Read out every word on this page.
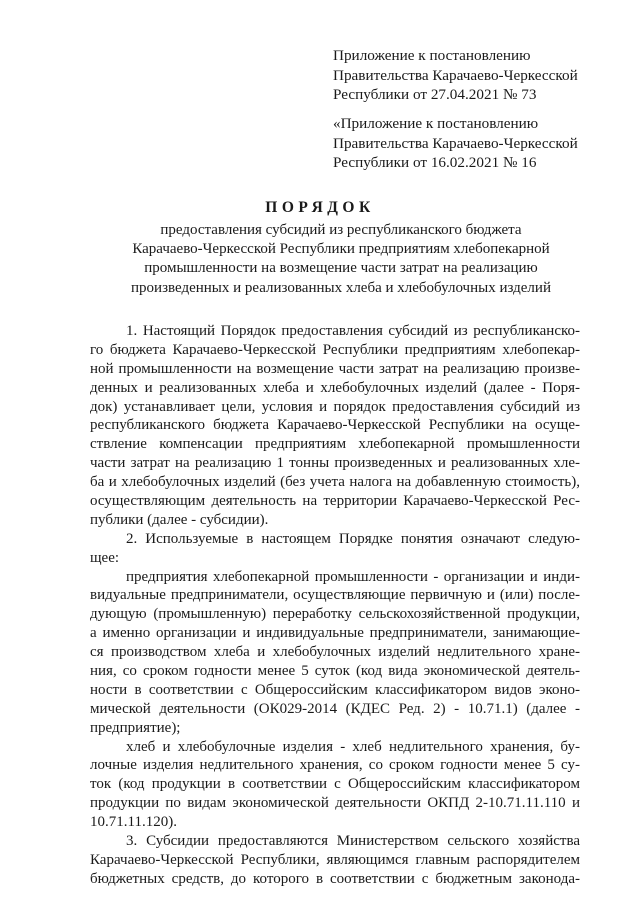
Приложение к постановлению
Правительства Карачаево-Черкесской
Республики от 27.04.2021 № 73
«Приложение к постановлению
Правительства Карачаево-Черкесской
Республики от 16.02.2021 № 16
ПОРЯДОК
предоставления субсидий из республиканского бюджета
Карачаево-Черкесской Республики предприятиям хлебопекарной
промышленности на возмещение части затрат на реализацию
произведенных и реализованных хлеба и хлебобулочных изделий
1. Настоящий Порядок предоставления субсидий из республиканско-
го бюджета Карачаево-Черкесской Республики предприятиям хлебопекар-
ной промышленности на возмещение части затрат на реализацию произве-
денных и реализованных хлеба и хлебобулочных изделий (далее - Поря-
док) устанавливает цели, условия и порядок предоставления субсидий из
республиканского бюджета Карачаево-Черкесской Республики на осуще-
ствление компенсации предприятиям хлебопекарной промышленности
части затрат на реализацию 1 тонны произведенных и реализованных хле-
ба и хлебобулочных изделий (без учета налога на добавленную стоимость),
осуществляющим деятельность на территории Карачаево-Черкесской Рес-
публики (далее - субсидии).
2. Используемые в настоящем Порядке понятия означают следую-
щее:
предприятия хлебопекарной промышленности - организации и инди-
видуальные предприниматели, осуществляющие первичную и (или) после-
дующую (промышленную) переработку сельскохозяйственной продукции,
а именно организации и индивидуальные предприниматели, занимающие-
ся производством хлеба и хлебобулочных изделий недлительного хране-
ния, со сроком годности менее 5 суток (код вида экономической деятель-
ности в соответствии с Общероссийским классификатором видов эконо-
мической деятельности (ОК029-2014 (КДЕС Ред. 2) - 10.71.1) (далее -
предприятие);
хлеб и хлебобулочные изделия - хлеб недлительного хранения, бу-
лочные изделия недлительного хранения, со сроком годности менее 5 су-
ток (код продукции в соответствии с Общероссийским классификатором
продукции по видам экономической деятельности ОКПД 2-10.71.11.110 и
10.71.11.120).
3. Субсидии предоставляются Министерством сельского хозяйства
Карачаево-Черкесской Республики, являющимся главным распорядителем
бюджетных средств, до которого в соответствии с бюджетным законода-
